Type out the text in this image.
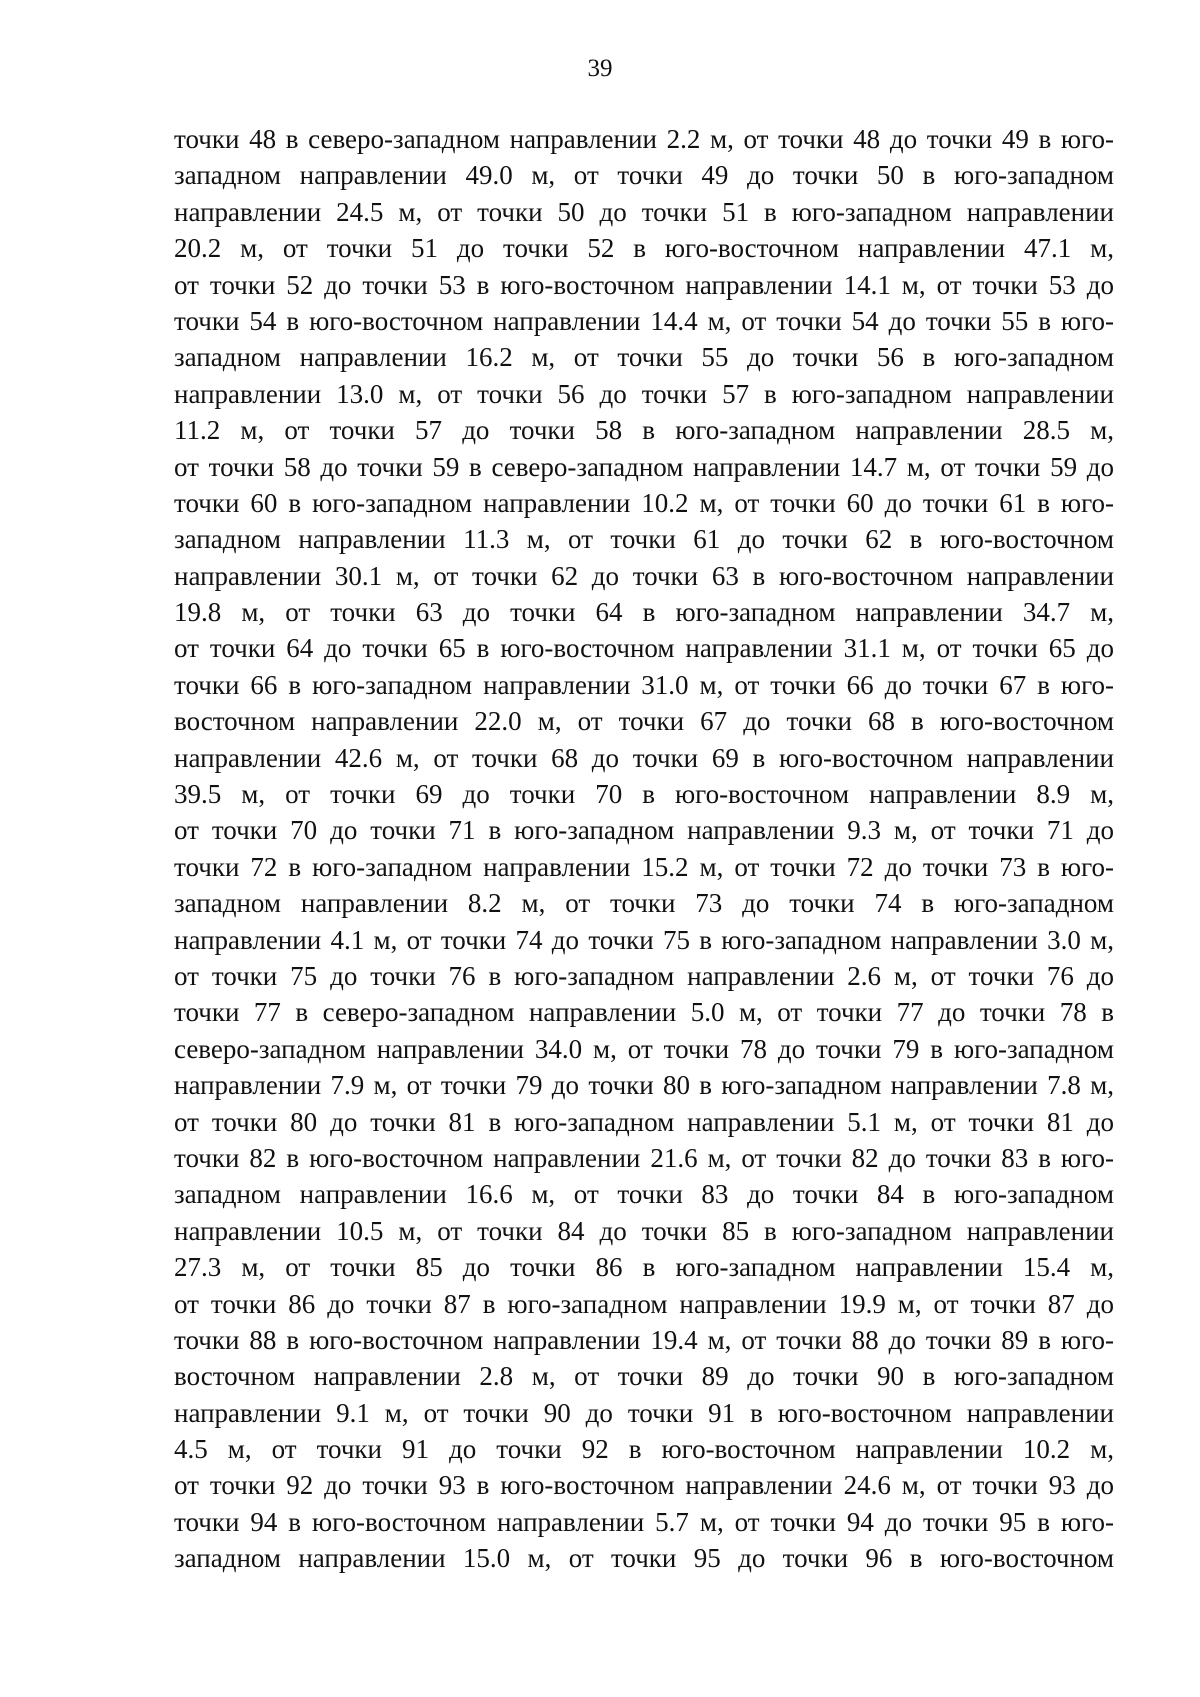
39
точки 48 в северо-западном направлении 2.2 м, от точки 48 до точки 49 в юго-
западном направлении 49.0 м, от точки 49 до точки 50 в юго-западном
направлении 24.5 м, от точки 50 до точки 51 в юго-западном направлении
20.2 м, от точки 51 до точки 52 в юго-восточном направлении 47.1 м,
от точки 52 до точки 53 в юго-восточном направлении 14.1 м, от точки 53 до
точки 54 в юго-восточном направлении 14.4 м, от точки 54 до точки 55 в юго-
западном направлении 16.2 м, от точки 55 до точки 56 в юго-западном
направлении 13.0 м, от точки 56 до точки 57 в юго-западном направлении
11.2 м, от точки 57 до точки 58 в юго-западном направлении 28.5 м,
от точки 58 до точки 59 в северо-западном направлении 14.7 м, от точки 59 до
точки 60 в юго-западном направлении 10.2 м, от точки 60 до точки 61 в юго-
западном направлении 11.3 м, от точки 61 до точки 62 в юго-восточном
направлении 30.1 м, от точки 62 до точки 63 в юго-восточном направлении
19.8 м, от точки 63 до точки 64 в юго-западном направлении 34.7 м,
от точки 64 до точки 65 в юго-восточном направлении 31.1 м, от точки 65 до
точки 66 в юго-западном направлении 31.0 м, от точки 66 до точки 67 в юго-
восточном направлении 22.0 м, от точки 67 до точки 68 в юго-восточном
направлении 42.6 м, от точки 68 до точки 69 в юго-восточном направлении
39.5 м, от точки 69 до точки 70 в юго-восточном направлении 8.9 м,
от точки 70 до точки 71 в юго-западном направлении 9.3 м, от точки 71 до
точки 72 в юго-западном направлении 15.2 м, от точки 72 до точки 73 в юго-
западном направлении 8.2 м, от точки 73 до точки 74 в юго-западном
направлении 4.1 м, от точки 74 до точки 75 в юго-западном направлении 3.0 м,
от точки 75 до точки 76 в юго-западном направлении 2.6 м, от точки 76 до
точки 77 в северо-западном направлении 5.0 м, от точки 77 до точки 78 в
северо-западном направлении 34.0 м, от точки 78 до точки 79 в юго-западном
направлении 7.9 м, от точки 79 до точки 80 в юго-западном направлении 7.8 м,
от точки 80 до точки 81 в юго-западном направлении 5.1 м, от точки 81 до
точки 82 в юго-восточном направлении 21.6 м, от точки 82 до точки 83 в юго-
западном направлении 16.6 м, от точки 83 до точки 84 в юго-западном
направлении 10.5 м, от точки 84 до точки 85 в юго-западном направлении
27.3 м, от точки 85 до точки 86 в юго-западном направлении 15.4 м,
от точки 86 до точки 87 в юго-западном направлении 19.9 м, от точки 87 до
точки 88 в юго-восточном направлении 19.4 м, от точки 88 до точки 89 в юго-
восточном направлении 2.8 м, от точки 89 до точки 90 в юго-западном
направлении 9.1 м, от точки 90 до точки 91 в юго-восточном направлении
4.5 м, от точки 91 до точки 92 в юго-восточном направлении 10.2 м,
от точки 92 до точки 93 в юго-восточном направлении 24.6 м, от точки 93 до
точки 94 в юго-восточном направлении 5.7 м, от точки 94 до точки 95 в юго-
западном направлении 15.0 м, от точки 95 до точки 96 в юго-восточном
